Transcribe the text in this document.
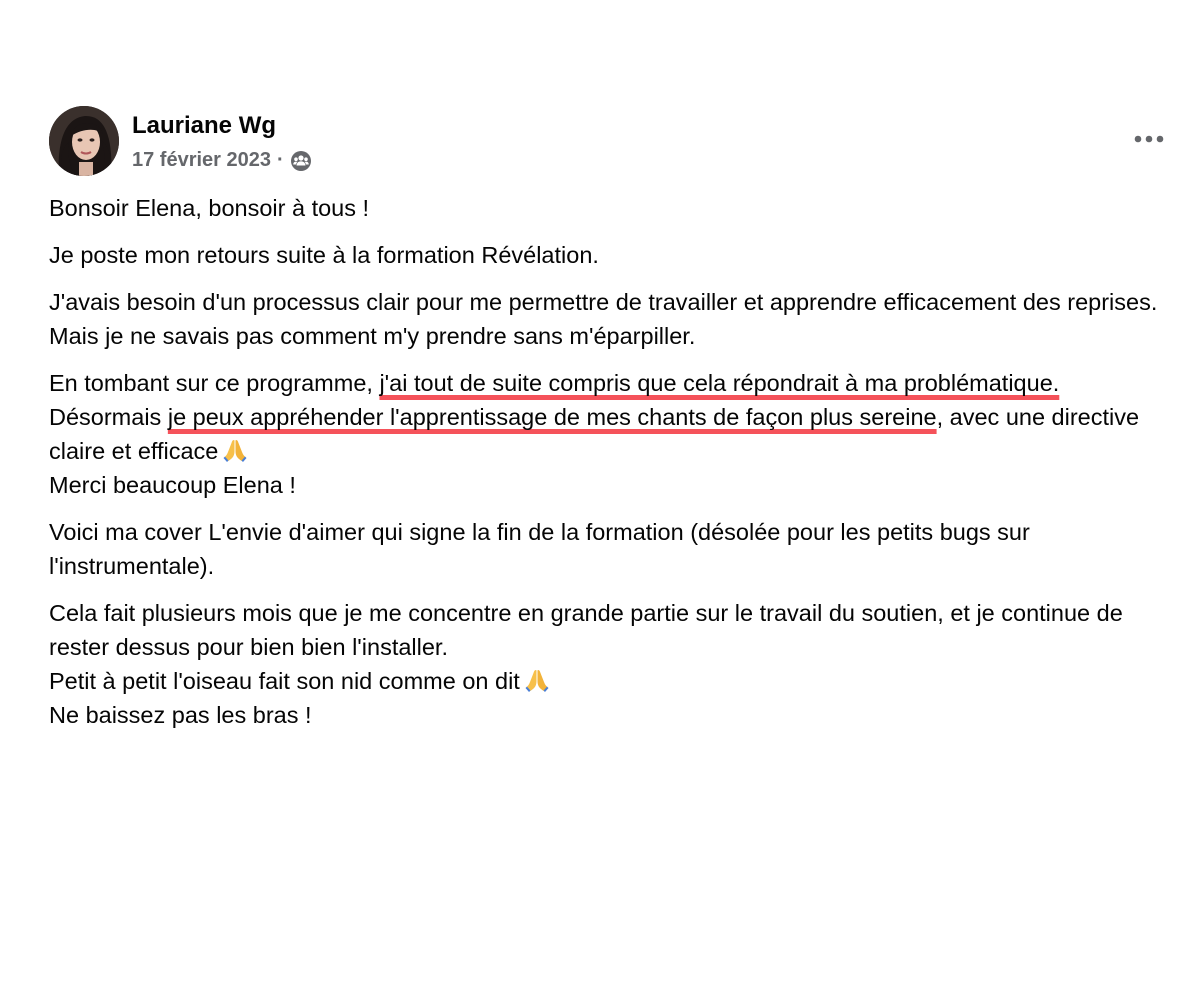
Lauriane Wg
17 février 2023 ·

Bonsoir Elena, bonsoir à tous !

Je poste mon retours suite à la formation Révélation.

J'avais besoin d'un processus clair pour me permettre de travailler et apprendre efficacement des reprises. Mais je ne savais pas comment m'y prendre sans m'éparpiller.

En tombant sur ce programme, j'ai tout de suite compris que cela répondrait à ma problématique.
Désormais je peux appréhender l'apprentissage de mes chants de façon plus sereine, avec une directive claire et efficace
Merci beaucoup Elena !

Voici ma cover L'envie d'aimer qui signe la fin de la formation (désolée pour les petits bugs sur l'instrumentale).

Cela fait plusieurs mois que je me concentre en grande partie sur le travail du soutien, et je continue de rester dessus pour bien bien l'installer.
Petit à petit l'oiseau fait son nid comme on dit
Ne baissez pas les bras !
